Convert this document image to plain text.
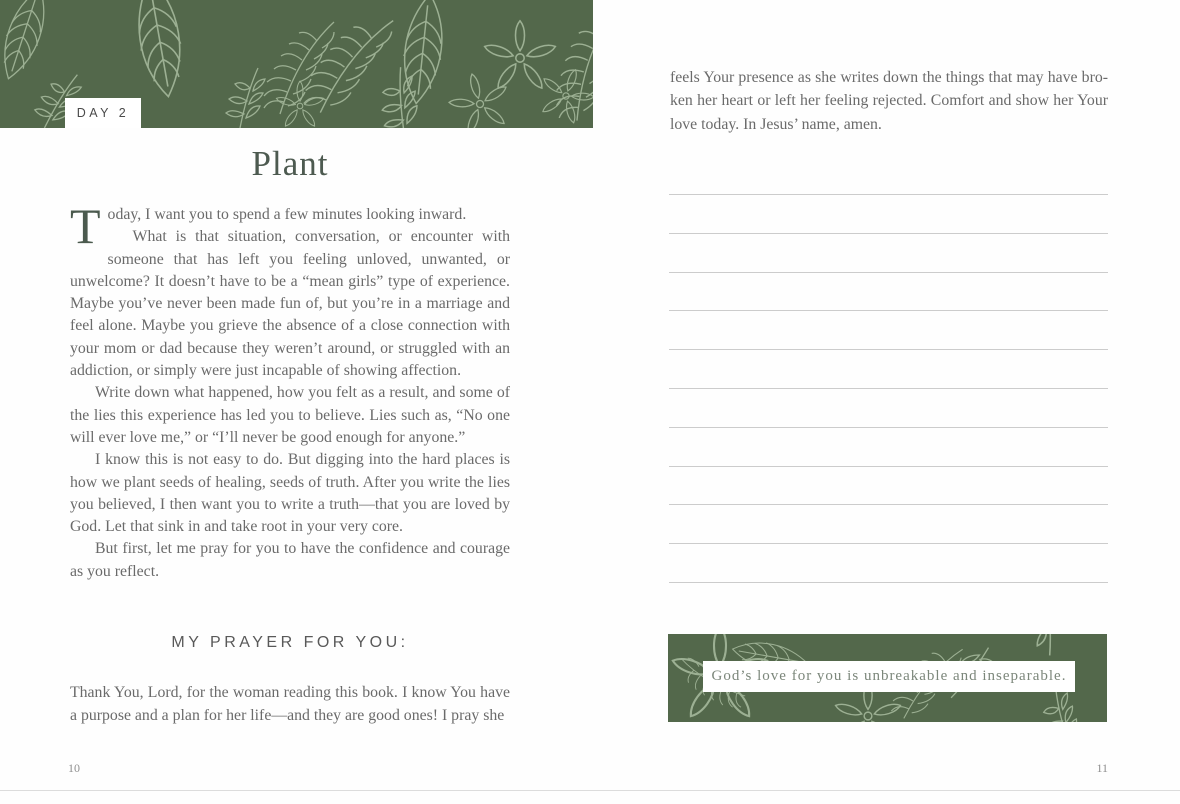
DAY 2
Plant
T oday, I want you to spend a few minutes looking inward.

What is that situation, conversation, or encounter with someone that has left you feeling unloved, unwanted, or unwelcome? It doesn’t have to be a “mean girls” type of experience. Maybe you’ve never been made fun of, but you’re in a marriage and feel alone. Maybe you grieve the absence of a close connection with your mom or dad because they weren’t around, or struggled with an addiction, or simply were just incapable of showing affection.

Write down what happened, how you felt as a result, and some of the lies this experience has led you to believe. Lies such as, “No one will ever love me,” or “I’ll never be good enough for anyone.”

I know this is not easy to do. But digging into the hard places is how we plant seeds of healing, seeds of truth. After you write the lies you believed, I then want you to write a truth—that you are loved by God. Let that sink in and take root in your very core.

But first, let me pray for you to have the confidence and courage as you reflect.

MY PRAYER FOR YOU:
Thank You, Lord, for the woman reading this book. I know You have
a purpose and a plan for her life—and they are good ones! I pray she
10
feels Your presence as she writes down the things that may have bro-
ken her heart or left her feeling rejected. Comfort and show her Your
love today. In Jesus’ name, amen.
God’s love for you is unbreakable and inseparable.
11
